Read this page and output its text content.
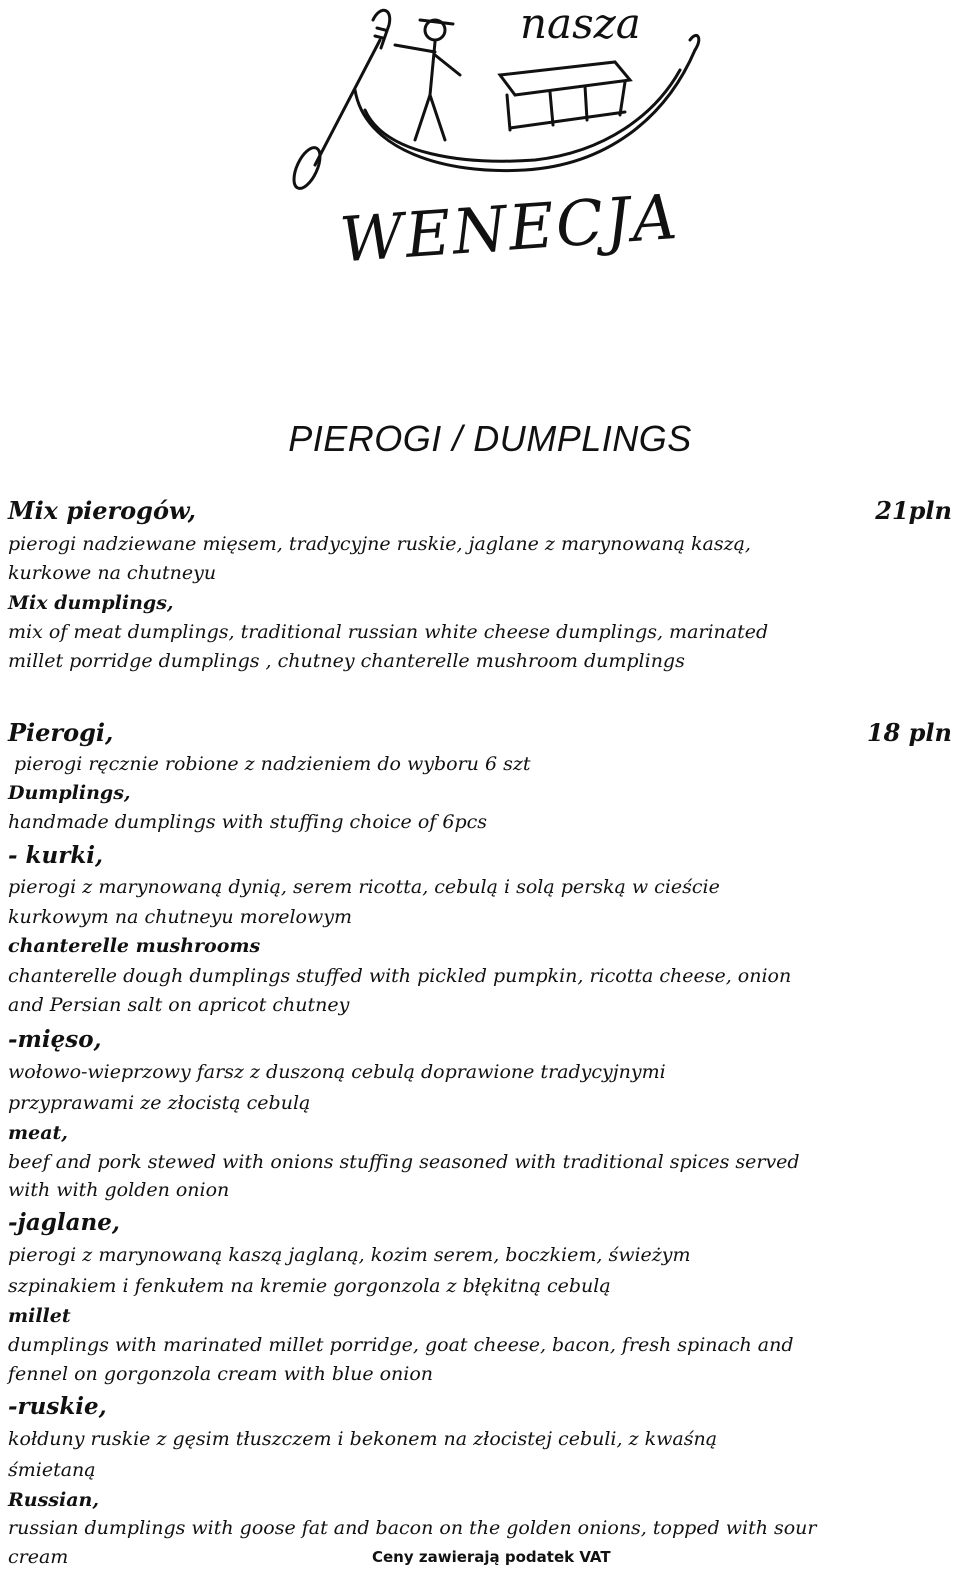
nasza
WENECJA
PIEROGI / DUMPLINGS
Mix pierogów,	21pln
pierogi nadziewane mięsem, tradycyjne ruskie, jaglane z marynowaną kaszą,
kurkowe na chutneyu
Mix dumplings,
mix of meat dumplings, traditional russian white cheese dumplings, marinated
millet porridge dumplings , chutney chanterelle mushroom dumplings
Pierogi,	18 pln
pierogi ręcznie robione z nadzieniem do wyboru 6 szt
Dumplings,
handmade dumplings with stuffing choice of 6pcs
- kurki,
pierogi z marynowaną dynią, serem ricotta, cebulą i solą perską w cieście
kurkowym na chutneyu morelowym
chanterelle mushrooms
chanterelle dough dumplings stuffed with pickled pumpkin, ricotta cheese, onion
and Persian salt on apricot chutney
-mięso,
wołowo-wieprzowy farsz z duszoną cebulą doprawione tradycyjnymi
przyprawami ze złocistą cebulą
meat,
beef and pork stewed with onions stuffing seasoned with traditional spices served
with with golden onion
-jaglane,
pierogi z marynowaną kaszą jaglaną, kozim serem, boczkiem, świeżym
szpinakiem i fenkułem na kremie gorgonzola z błękitną cebulą
millet
dumplings with marinated millet porridge, goat cheese, bacon, fresh spinach and
fennel on gorgonzola cream with blue onion
-ruskie,
kołduny ruskie z gęsim tłuszczem i bekonem na złocistej cebuli, z kwaśną
śmietaną
Russian,
russian dumplings with goose fat and bacon on the golden onions, topped with sour
cream	Ceny zawierają podatek VAT
